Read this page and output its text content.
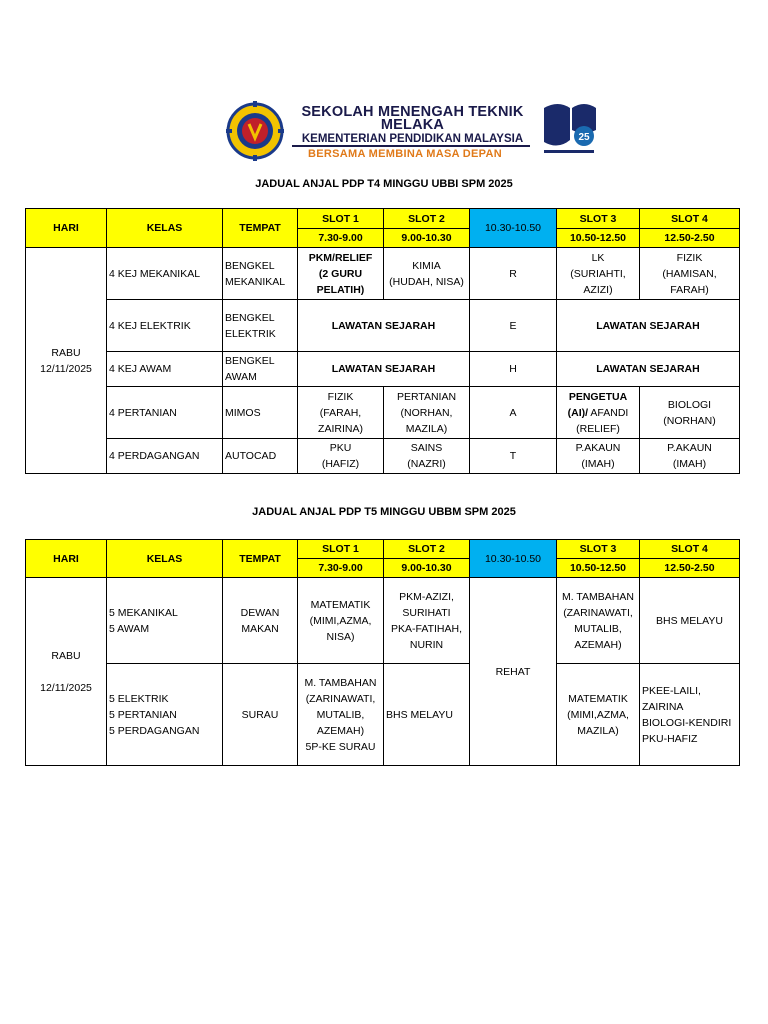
SEKOLAH MENENGAH TEKNIK MELAKA
KEMENTERIAN PENDIDIKAN MALAYSIA
BERSAMA MEMBINA MASA DEPAN
25
JADUAL ANJAL PDP T4 MINGGU UBBI SPM 2025
HARI	KELAS	TEMPAT	SLOT 1	SLOT 2	10.30-10.50	SLOT 3	SLOT 4
			7.30-9.00	9.00-10.30		10.50-12.50	12.50-2.50
RABU
12/11/2025	4 KEJ MEKANIKAL	BENGKEL
MEKANIKAL	PKM/RELIEF
(2 GURU
PELATIH)	KIMIA
(HUDAH, NISA)	R	LK
(SURIAHTI,
AZIZI)	FIZIK
(HAMISAN,
FARAH)
	4 KEJ ELEKTRIK	BENGKEL
ELEKTRIK	LAWATAN SEJARAH		E	LAWATAN SEJARAH	
	4 KEJ AWAM	BENGKEL
AWAM	LAWATAN SEJARAH		H	LAWATAN SEJARAH	
	4 PERTANIAN	MIMOS	FIZIK
(FARAH,
ZAIRINA)	PERTANIAN
(NORHAN,
MAZILA)	A	PENGETUA
(AI)/ AFANDI
(RELIEF)	BIOLOGI
(NORHAN)
	4 PERDAGANGAN	AUTOCAD	PKU
(HAFIZ)	SAINS
(NAZRI)	T	P.AKAUN
(IMAH)	P.AKAUN
(IMAH)
JADUAL ANJAL PDP T5 MINGGU UBBM SPM 2025
HARI	KELAS	TEMPAT	SLOT 1	SLOT 2	10.30-10.50	SLOT 3	SLOT 4
			7.30-9.00	9.00-10.30		10.50-12.50	12.50-2.50
RABU

12/11/2025	5 MEKANIKAL
5 AWAM	DEWAN
MAKAN	MATEMATIK
(MIMI,AZMA,
NISA)	PKM-AZIZI,
SURIHATI
PKA-FATIHAH,
NURIN	REHAT	M. TAMBAHAN
(ZARINAWATI,
MUTALIB,
AZEMAH)	BHS MELAYU
	5 ELEKTRIK
5 PERTANIAN
5 PERDAGANGAN	SURAU	M. TAMBAHAN
(ZARINAWATI,
MUTALIB,
AZEMAH)
5P-KE SURAU	BHS MELAYU		MATEMATIK
(MIMI,AZMA,
MAZILA)	PKEE-LAILI,
ZAIRINA
BIOLOGI-KENDIRI
PKU-HAFIZ
